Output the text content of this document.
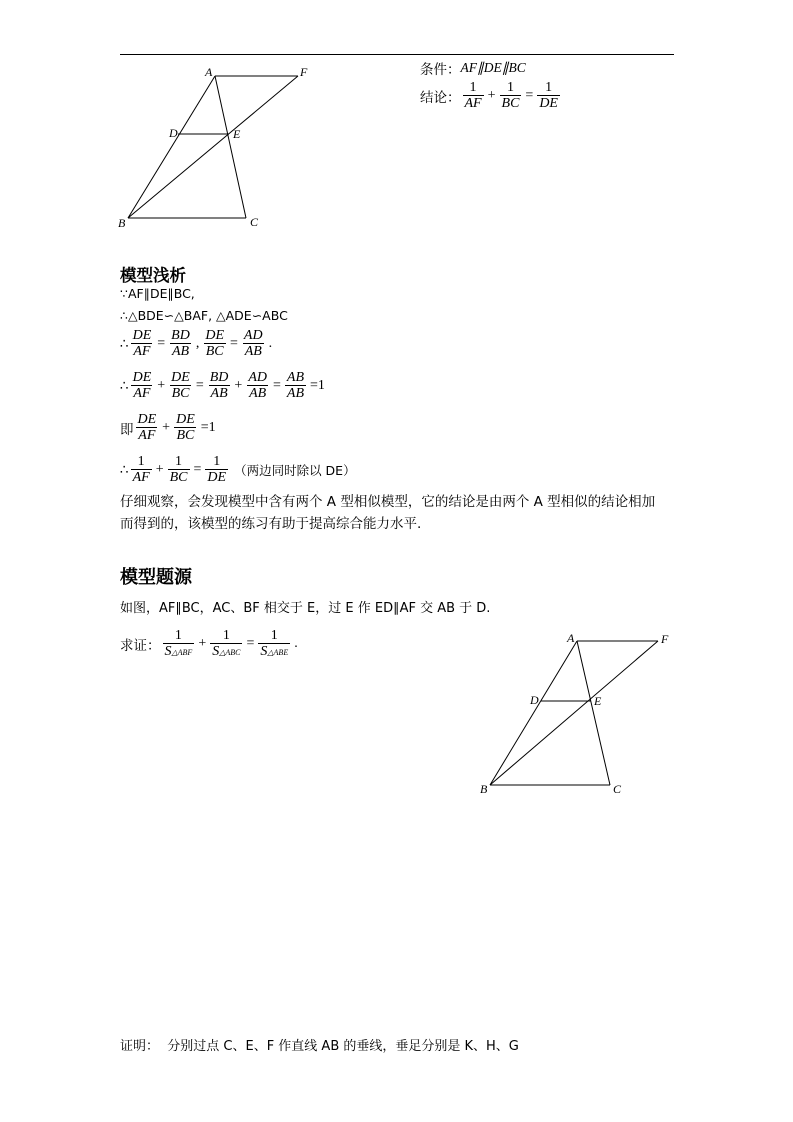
A	F
D	E
B	C
条件： AF∥DE∥BC
结论： $\frac{1}{AF} + \frac{1}{BC} = \frac{1}{DE}$
模型浅析
∵AF∥DE∥BC,
∴△BDE∽△BAF, △ADE∽ABC
∴ $\frac{DE}{AF} = \frac{BD}{AB}$ , $\frac{DE}{BC} = \frac{AD}{AB}$ .
∴ $\frac{DE}{AF} + \frac{DE}{BC} = \frac{BD}{AB} + \frac{AD}{AB} = \frac{AB}{AB} =1$
即 $\frac{DE}{AF} + \frac{DE}{BC} =1$
∴ $\frac{1}{AF} + \frac{1}{BC} = \frac{1}{DE}$ （两边同时除以 DE）
仔细观察，会发现模型中含有两个 A 型相似模型，它的结论是由两个 A 型相似的结论相加
而得到的，该模型的练习有助于提高综合能力水平.
模型题源
如图，AF∥BC，AC、BF 相交于 E，过 E 作 ED∥AF 交 AB 于 D.
求证： $\frac{1}{\text{S△ABF}} + \frac{1}{\text{S△ABC}} = \frac{1}{\text{S△ABE}}$ .	A	F
D	E
B	C
证明：  分别过点 C、E、F 作直线 AB 的垂线，垂足分别是 K、H、G
